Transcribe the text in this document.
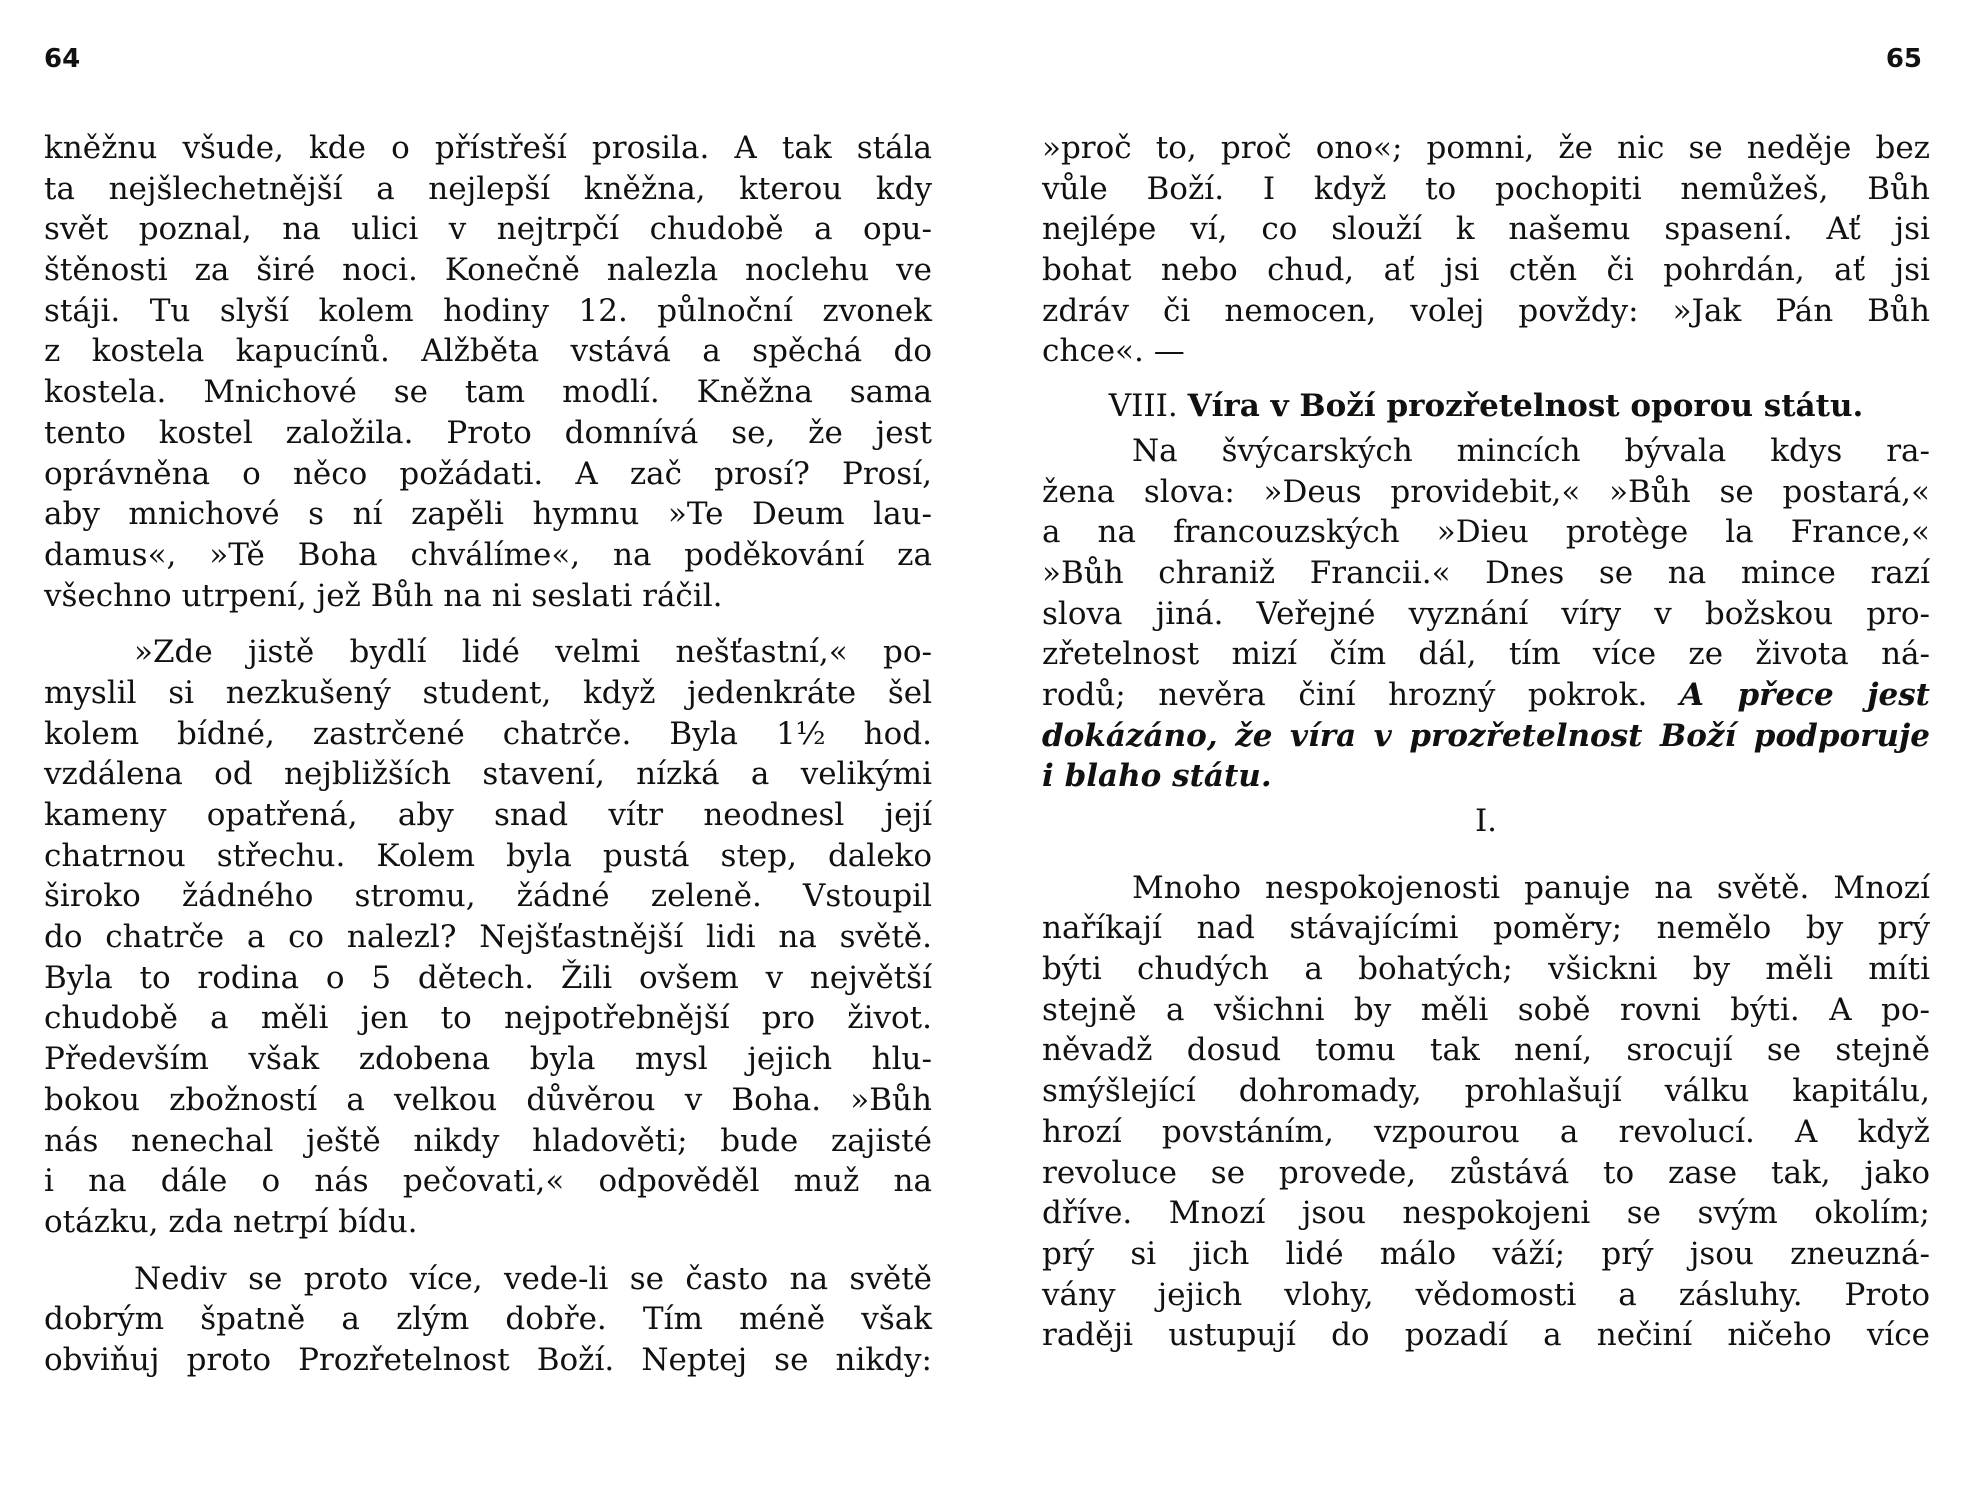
64
kněžnu všude, kde o přístřeší prosila. A tak stála
ta nejšlechetnější a nejlepší kněžna, kterou kdy
svět poznal, na ulici v nejtrpčí chudobě a opu-
štěnosti za širé noci. Konečně nalezla noclehu ve
stáji. Tu slyší kolem hodiny 12. půlnoční zvonek
z kostela kapucínů. Alžběta vstává a spěchá do
kostela. Mnichové se tam modlí. Kněžna sama
tento kostel založila. Proto domnívá se, že jest
oprávněna o něco požádati. A zač prosí? Prosí,
aby mnichové s ní zapěli hymnu »Te Deum lau-
damus«, »Tě Boha chválíme«, na poděkování za
všechno utrpení, jež Bůh na ni seslati ráčil.
»Zde jistě bydlí lidé velmi nešťastní,« po-
myslil si nezkušený student, když jedenkráte šel
kolem bídné, zastrčené chatrče. Byla 1½ hod.
vzdálena od nejbližších stavení, nízká a velikými
kameny opatřená, aby snad vítr neodnesl její
chatrnou střechu. Kolem byla pustá step, daleko
široko žádného stromu, žádné zeleně. Vstoupil
do chatrče a co nalezl? Nejšťastnější lidi na světě.
Byla to rodina o 5 dětech. Žili ovšem v největší
chudobě a měli jen to nejpotřebnější pro život.
Především však zdobena byla mysl jejich hlu-
bokou zbožností a velkou důvěrou v Boha. »Bůh
nás nenechal ještě nikdy hladověti; bude zajisté
i na dále o nás pečovati,« odpověděl muž na
otázku, zda netrpí bídu.
Nediv se proto více, vede-li se často na světě
dobrým špatně a zlým dobře. Tím méně však
obviňuj proto Prozřetelnost Boží. Neptej se nikdy:
65
»proč to, proč ono«; pomni, že nic se neděje bez
vůle Boží. I když to pochopiti nemůžeš, Bůh
nejlépe ví, co slouží k našemu spasení. Ať jsi
bohat nebo chud, ať jsi ctěn či pohrdán, ať jsi
zdráv či nemocen, volej povždy: »Jak Pán Bůh
chce«. —
VIII. Víra v Boží prozřetelnost oporou státu.
Na švýcarských mincích bývala kdys ra-
žena slova: »Deus providebit,« »Bůh se postará,«
a na francouzských »Dieu protège la France,«
»Bůh chraniž Francii.« Dnes se na mince razí
slova jiná. Veřejné vyznání víry v božskou pro-
zřetelnost mizí čím dál, tím více ze života ná-
rodů; nevěra činí hrozný pokrok. A přece jest
dokázáno, že víra v prozřetelnost Boží podporuje
i blaho státu.
I.
Mnoho nespokojenosti panuje na světě. Mnozí
naříkají nad stávajícími poměry; nemělo by prý
býti chudých a bohatých; všickni by měli míti
stejně a všichni by měli sobě rovni býti. A po-
něvadž dosud tomu tak není, srocují se stejně
smýšlející dohromady, prohlašují válku kapitálu,
hrozí povstáním, vzpourou a revolucí. A když
revoluce se provede, zůstává to zase tak, jako
dříve. Mnozí jsou nespokojeni se svým okolím;
prý si jich lidé málo váží; prý jsou zneuzná-
vány jejich vlohy, vědomosti a zásluhy. Proto
raději ustupují do pozadí a nečiní ničeho více
